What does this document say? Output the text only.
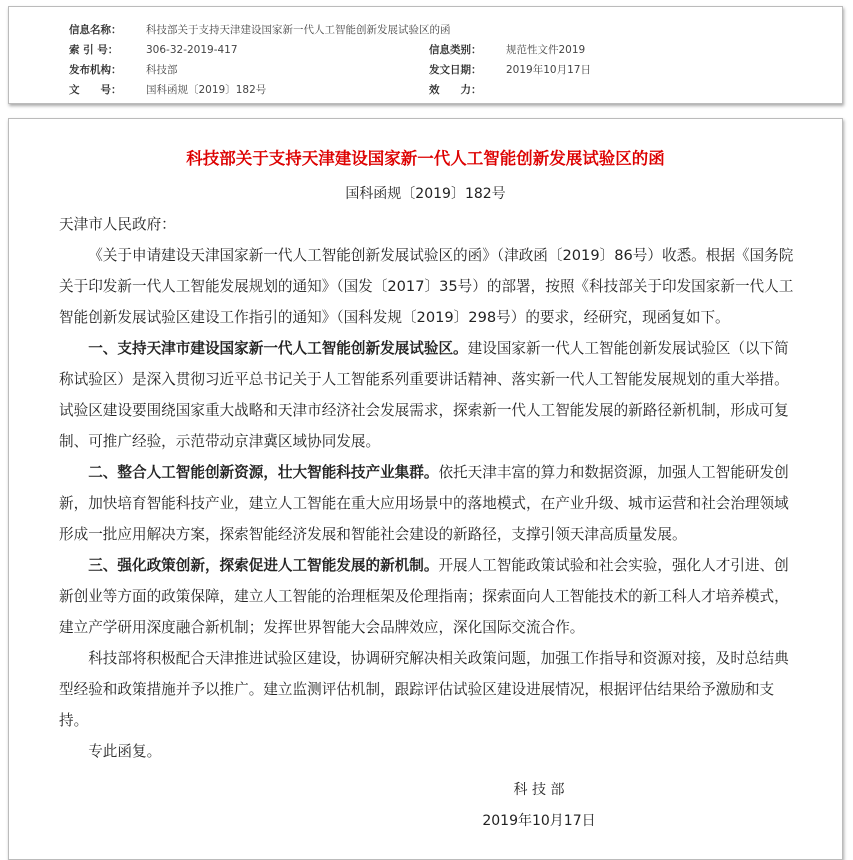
信息名称： 科技部关于支持天津建设国家新一代人工智能创新发展试验区的函
索 引 号：	306-32-2019-417	信息类别： 规范性文件2019
发布机构： 科技部	发文日期： 2019年10月17日
文　　号： 国科函规〔2019〕182号	效　　力：
科技部关于支持天津建设国家新一代人工智能创新发展试验区的函
国科函规〔2019〕182号

天津市人民政府：

《关于申请建设天津国家新一代人工智能创新发展试验区的函》（津政函〔2019〕86号）收悉。根据《国务院关于印发新一代人工智能发展规划的通知》（国发〔2017〕35号）的部署，按照《科技部关于印发国家新一代人工智能创新发展试验区建设工作指引的通知》（国科发规〔2019〕298号）的要求，经研究，现函复如下。

一、支持天津市建设国家新一代人工智能创新发展试验区。建设国家新一代人工智能创新发展试验区（以下简称试验区）是深入贯彻习近平总书记关于人工智能系列重要讲话精神、落实新一代人工智能发展规划的重大举措。试验区建设要围绕国家重大战略和天津市经济社会发展需求，探索新一代人工智能发展的新路径新机制，形成可复制、可推广经验，示范带动京津冀区域协同发展。

二、整合人工智能创新资源，壮大智能科技产业集群。依托天津丰富的算力和数据资源，加强人工智能研发创新，加快培育智能科技产业，建立人工智能在重大应用场景中的落地模式，在产业升级、城市运营和社会治理领域形成一批应用解决方案，探索智能经济发展和智能社会建设的新路径，支撑引领天津高质量发展。

三、强化政策创新，探索促进人工智能发展的新机制。开展人工智能政策试验和社会实验，强化人才引进、创新创业等方面的政策保障，建立人工智能的治理框架及伦理指南；探索面向人工智能技术的新工科人才培养模式，建立产学研用深度融合新机制；发挥世界智能大会品牌效应，深化国际交流合作。

科技部将积极配合天津推进试验区建设，协调研究解决相关政策问题，加强工作指导和资源对接，及时总结典型经验和政策措施并予以推广。建立监测评估机制，跟踪评估试验区建设进展情况，根据评估结果给予激励和支持。

专此函复。

科 技 部
2019年10月17日
